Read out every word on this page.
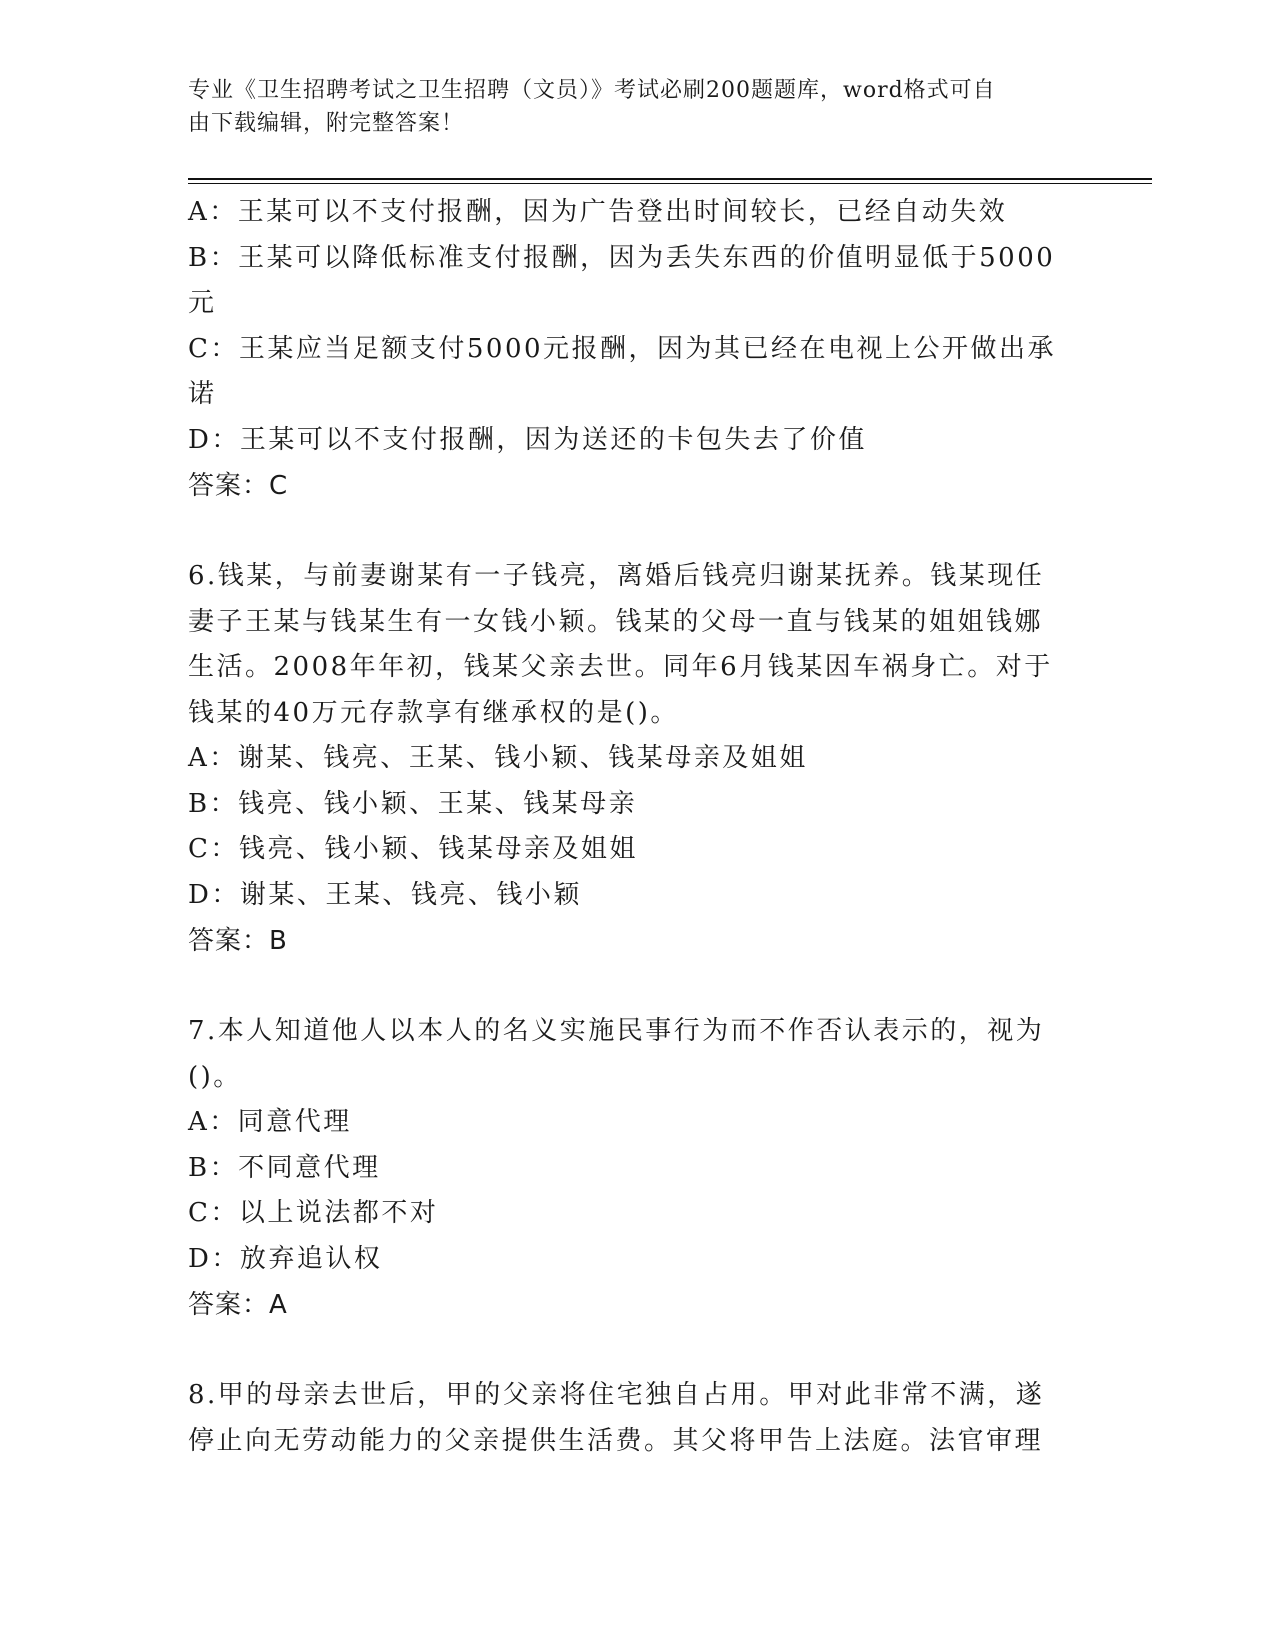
专业《卫生招聘考试之卫生招聘（文员）》考试必刷200题题库，word格式可自
由下载编辑，附完整答案！
A：王某可以不支付报酬，因为广告登出时间较长，已经自动失效
B：王某可以降低标准支付报酬，因为丢失东西的价值明显低于5000
元
C：王某应当足额支付5000元报酬，因为其已经在电视上公开做出承
诺
D：王某可以不支付报酬，因为送还的卡包失去了价值
答案：C
6.钱某，与前妻谢某有一子钱亮，离婚后钱亮归谢某抚养。钱某现任
妻子王某与钱某生有一女钱小颖。钱某的父母一直与钱某的姐姐钱娜
生活。2008年年初，钱某父亲去世。同年6月钱某因车祸身亡。对于
钱某的40万元存款享有继承权的是()。
A：谢某、钱亮、王某、钱小颖、钱某母亲及姐姐
B：钱亮、钱小颖、王某、钱某母亲
C：钱亮、钱小颖、钱某母亲及姐姐
D：谢某、王某、钱亮、钱小颖
答案：B
7.本人知道他人以本人的名义实施民事行为而不作否认表示的，视为
()。
A：同意代理
B：不同意代理
C：以上说法都不对
D：放弃追认权
答案：A
8.甲的母亲去世后，甲的父亲将住宅独自占用。甲对此非常不满，遂
停止向无劳动能力的父亲提供生活费。其父将甲告上法庭。法官审理
